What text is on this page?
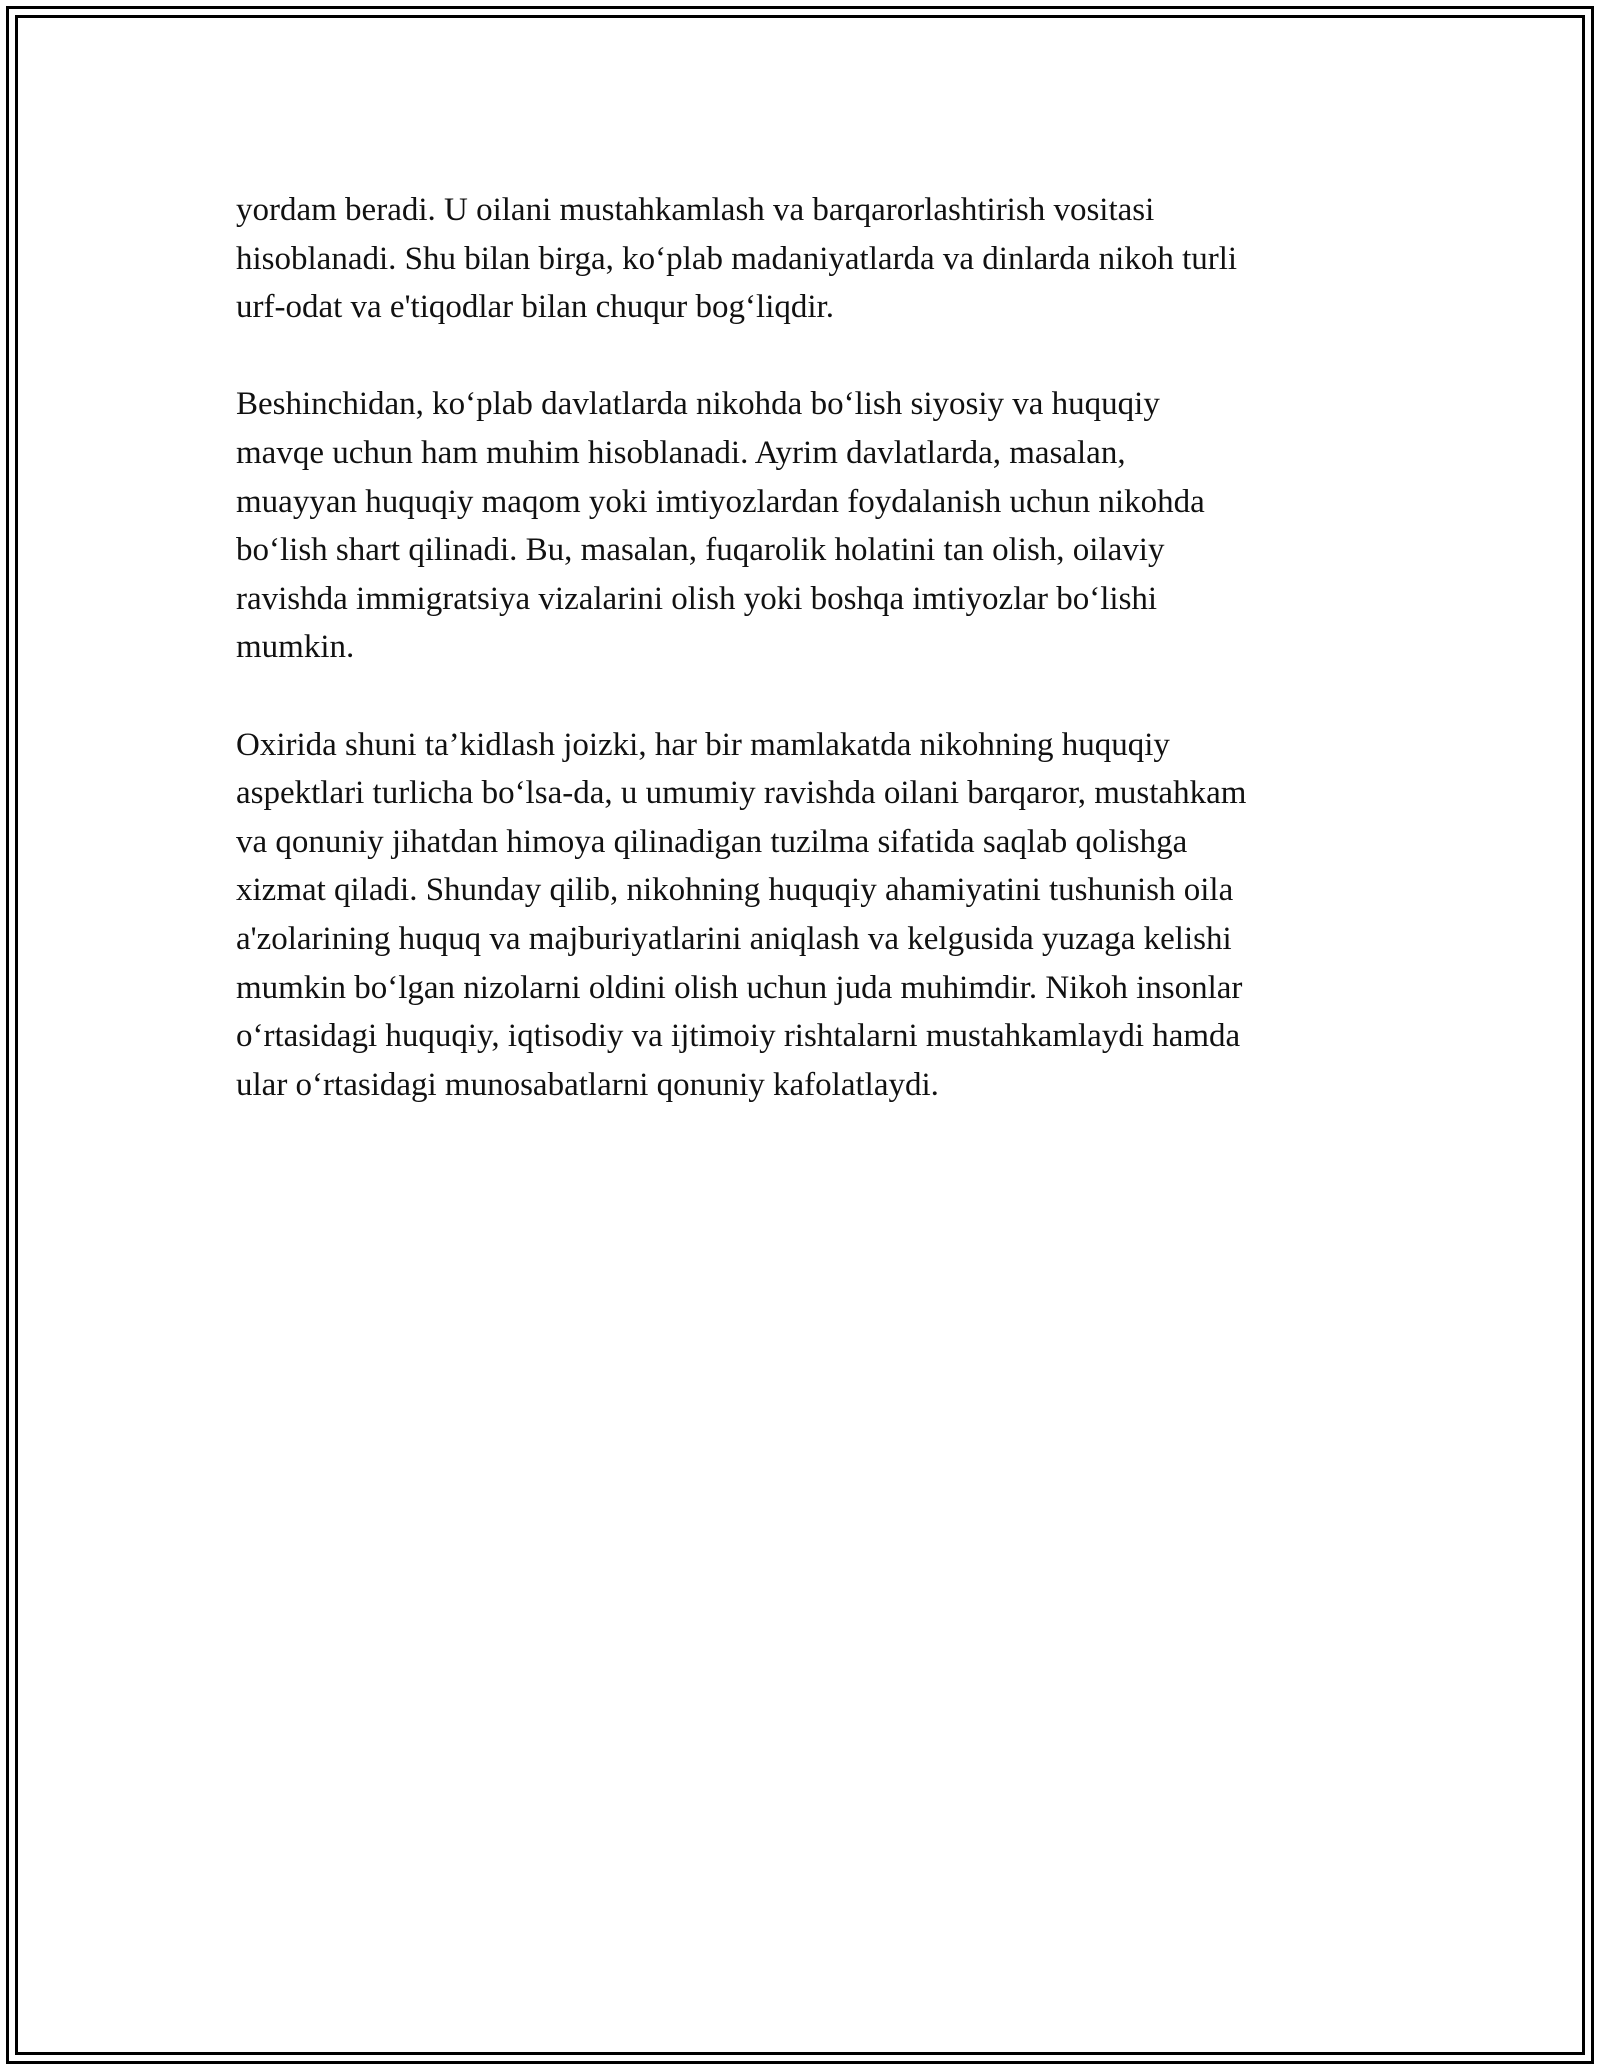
yordam beradi. U oilani mustahkamlash va barqarorlashtirish vositasi
hisoblanadi. Shu bilan birga, ko‘plab madaniyatlarda va dinlarda nikoh turli
urf-odat va e'tiqodlar bilan chuqur bog‘liqdir.

Beshinchidan, ko‘plab davlatlarda nikohda bo‘lish siyosiy va huquqiy
mavqe uchun ham muhim hisoblanadi. Ayrim davlatlarda, masalan,
muayyan huquqiy maqom yoki imtiyozlardan foydalanish uchun nikohda
bo‘lish shart qilinadi. Bu, masalan, fuqarolik holatini tan olish, oilaviy
ravishda immigratsiya vizalarini olish yoki boshqa imtiyozlar bo‘lishi
mumkin.

Oxirida shuni ta’kidlash joizki, har bir mamlakatda nikohning huquqiy
aspektlari turlicha bo‘lsa-da, u umumiy ravishda oilani barqaror, mustahkam
va qonuniy jihatdan himoya qilinadigan tuzilma sifatida saqlab qolishga
xizmat qiladi. Shunday qilib, nikohning huquqiy ahamiyatini tushunish oila
a'zolarining huquq va majburiyatlarini aniqlash va kelgusida yuzaga kelishi
mumkin bo‘lgan nizolarni oldini olish uchun juda muhimdir. Nikoh insonlar
o‘rtasidagi huquqiy, iqtisodiy va ijtimoiy rishtalarni mustahkamlaydi hamda
ular o‘rtasidagi munosabatlarni qonuniy kafolatlaydi.
